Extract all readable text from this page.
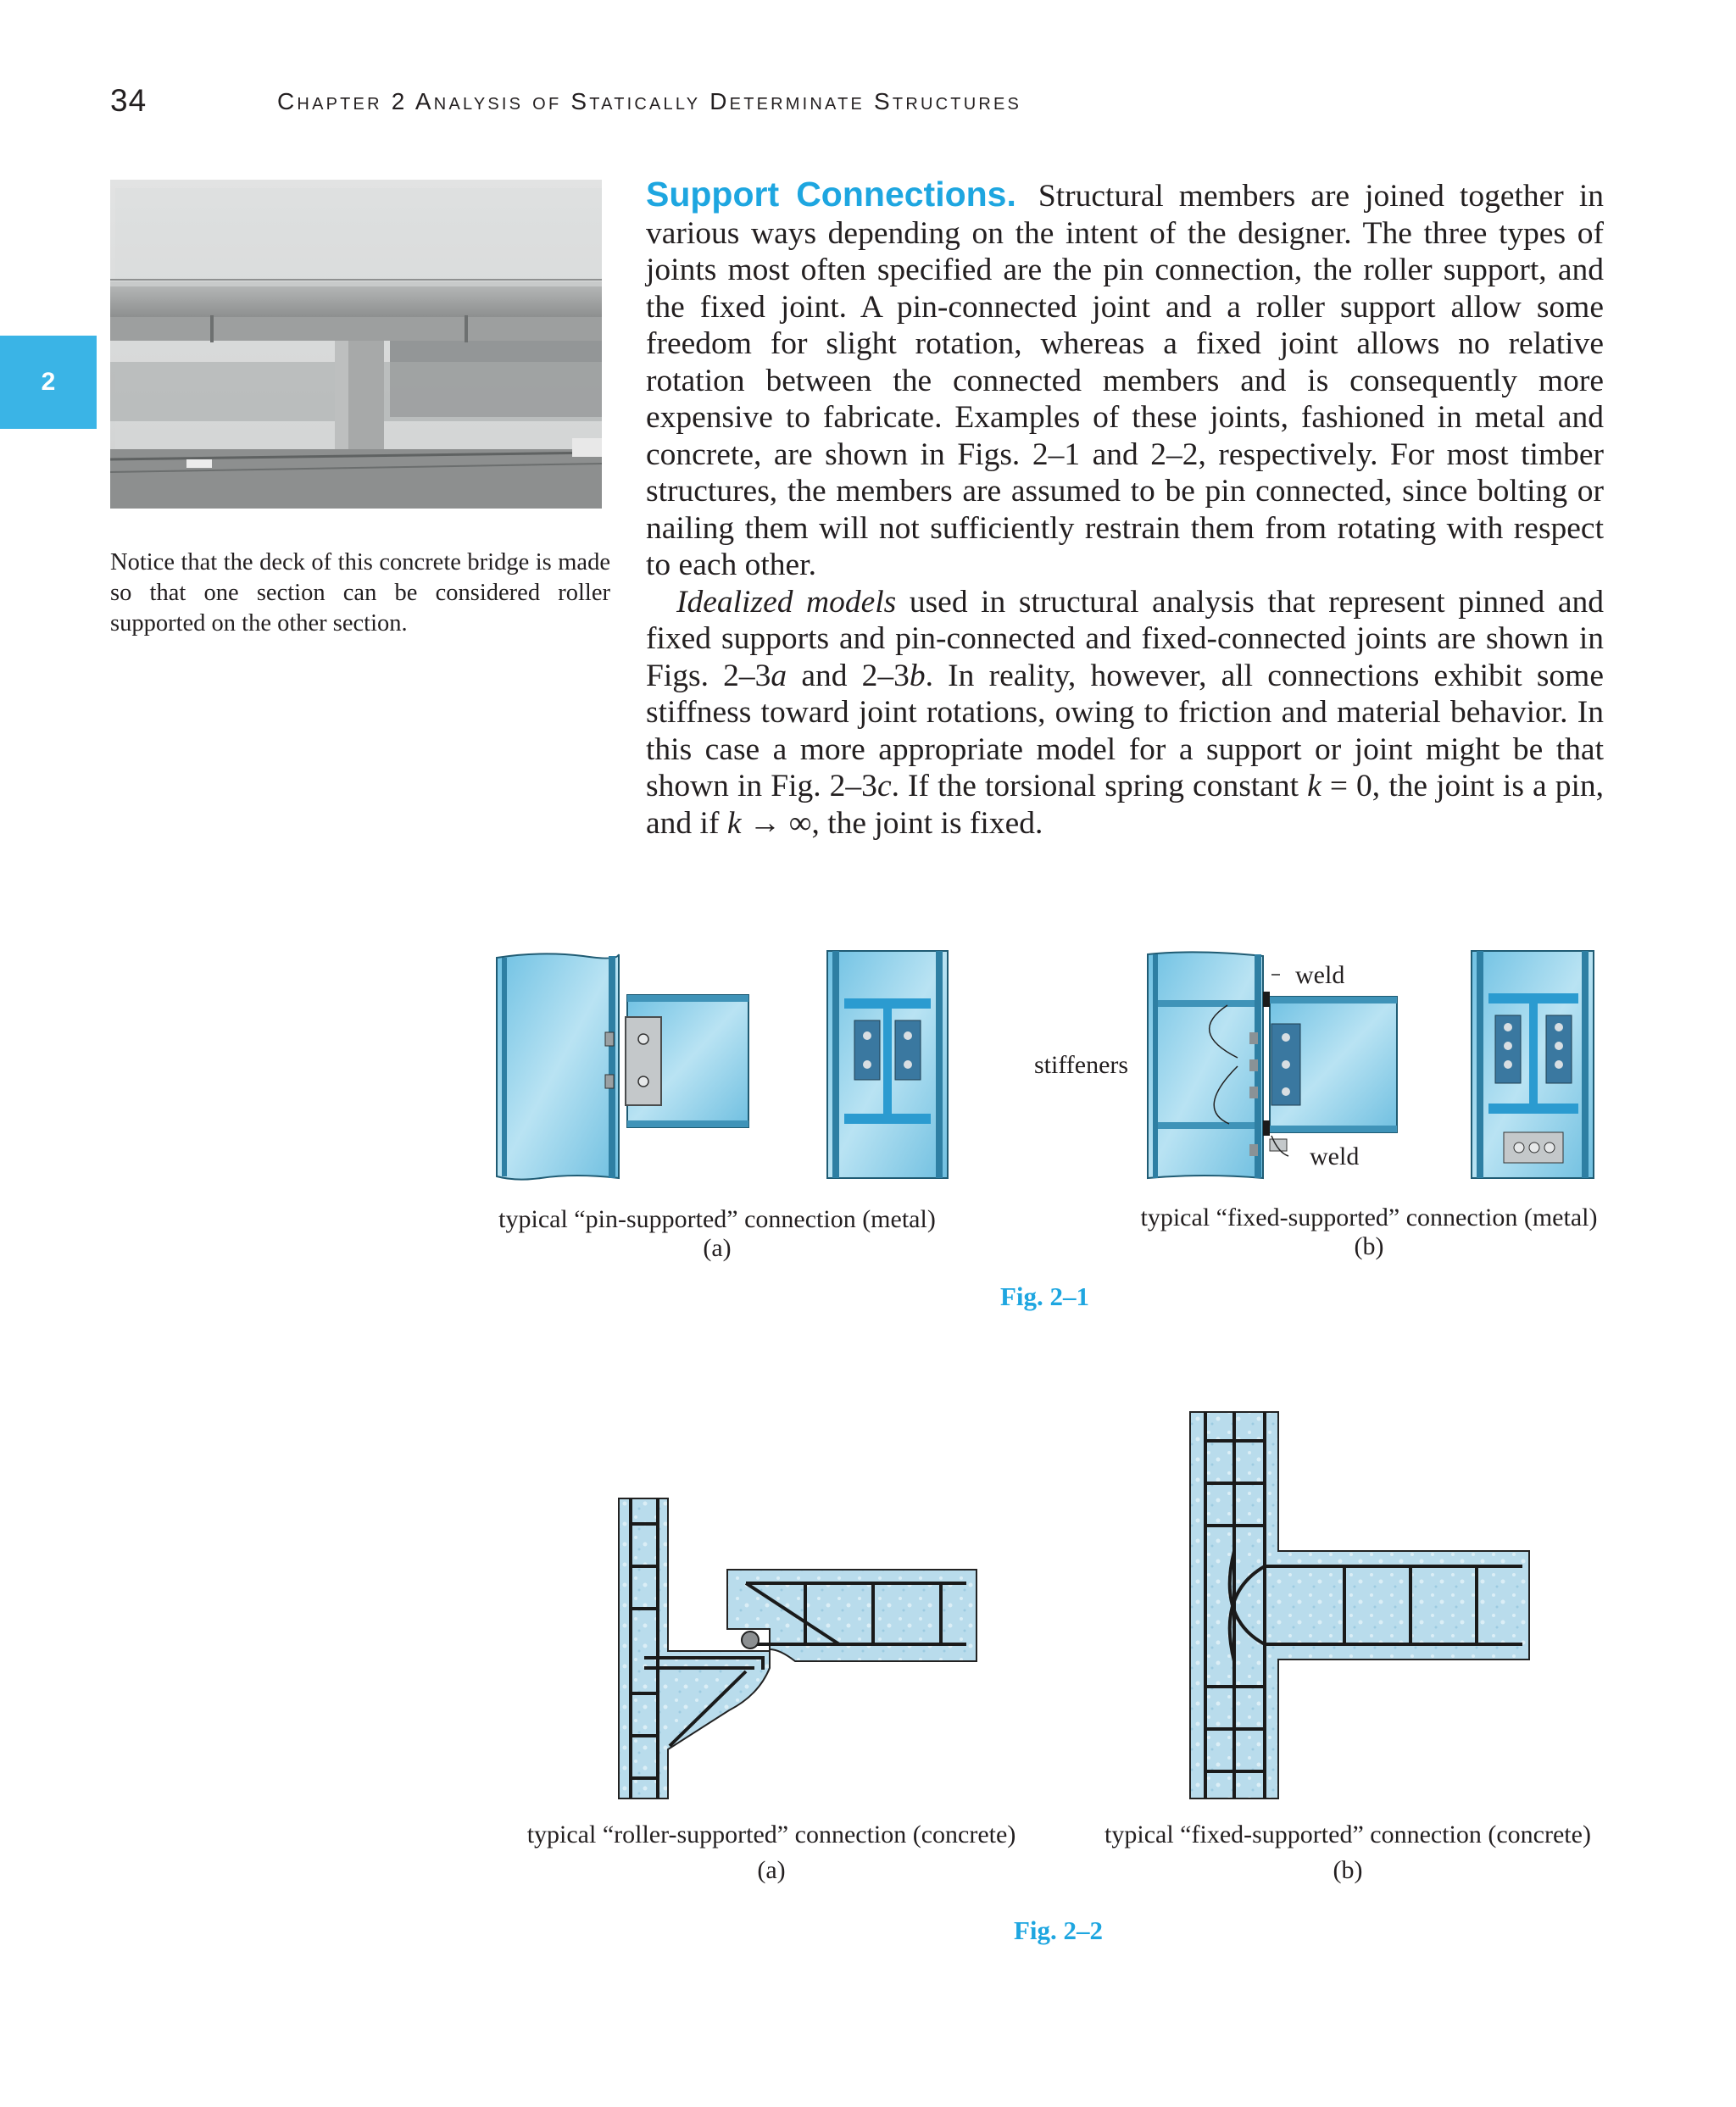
34	Chapter 2 Analysis of Statically Determinate Structures
2
Notice that the deck of this concrete bridge is made so that one section can be considered roller supported on the other section.

Support Connections. Structural members are joined together in various ways depending on the intent of the designer. The three types of joints most often specified are the pin connection, the roller support, and the fixed joint. A pin-connected joint and a roller support allow some freedom for slight rotation, whereas a fixed joint allows no relative rotation between the connected members and is consequently more expensive to fabricate. Examples of these joints, fashioned in metal and concrete, are shown in Figs. 2–1 and 2–2, respectively. For most timber structures, the members are assumed to be pin connected, since bolting or nailing them will not sufficiently restrain them from rotating with respect to each other.

Idealized models used in structural analysis that represent pinned and fixed supports and pin-connected and fixed-connected joints are shown in Figs. 2–3a and 2–3b. In reality, however, all connections exhibit some stiffness toward joint rotations, owing to friction and material behavior. In this case a more appropriate model for a support or joint might be that shown in Fig. 2–3c. If the torsional spring constant k = 0, the joint is a pin, and if k → ∞, the joint is fixed.

weld
weld
stiffeners
typical “pin-supported” connection (metal)
(a)
typical “fixed-supported” connection (metal)
(b)
Fig. 2–1
typical “roller-supported” connection (concrete)
(a)
typical “fixed-supported” connection (concrete)
(b)
Fig. 2–2
